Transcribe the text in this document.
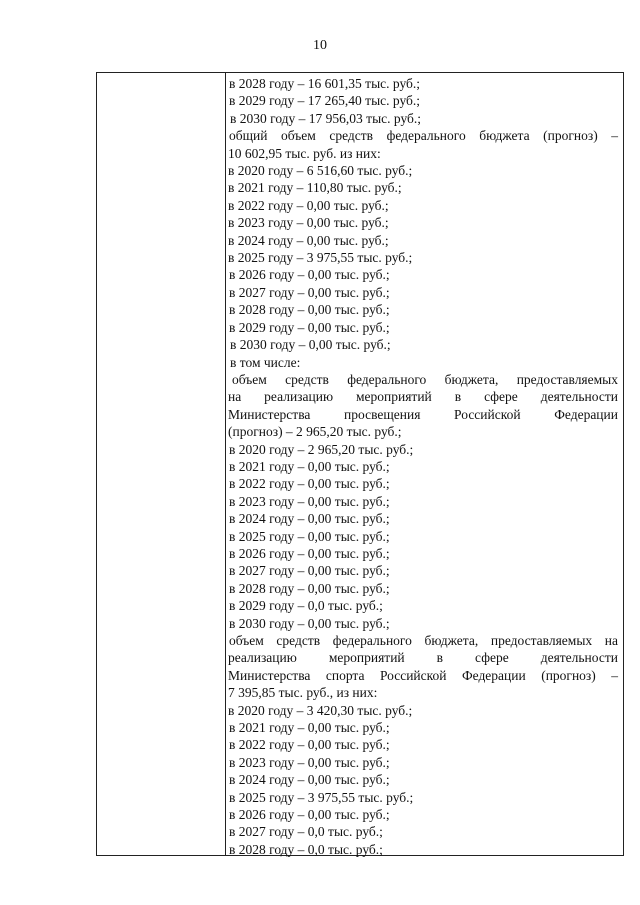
10
в 2028 году – 16 601,35 тыс. руб.;
в 2029 году – 17 265,40 тыс. руб.;
в 2030 году – 17 956,03 тыс. руб.;
общий объем средств федерального бюджета (прогноз) –
10 602,95 тыс. руб. из них:
в 2020 году – 6 516,60 тыс. руб.;
в 2021 году – 110,80 тыс. руб.;
в 2022 году – 0,00 тыс. руб.;
в 2023 году – 0,00 тыс. руб.;
в 2024 году – 0,00 тыс. руб.;
в 2025 году – 3 975,55 тыс. руб.;
в 2026 году – 0,00 тыс. руб.;
в 2027 году – 0,00 тыс. руб.;
в 2028 году – 0,00 тыс. руб.;
в 2029 году – 0,00 тыс. руб.;
в 2030 году – 0,00 тыс. руб.;
в том числе:
объем средств федерального бюджета, предоставляемых
на реализацию мероприятий в сфере деятельности
Министерства просвещения Российской Федерации
(прогноз) – 2 965,20 тыс. руб.;
в 2020 году – 2 965,20 тыс. руб.;
в 2021 году – 0,00 тыс. руб.;
в 2022 году – 0,00 тыс. руб.;
в 2023 году – 0,00 тыс. руб.;
в 2024 году – 0,00 тыс. руб.;
в 2025 году – 0,00 тыс. руб.;
в 2026 году – 0,00 тыс. руб.;
в 2027 году – 0,00 тыс. руб.;
в 2028 году – 0,00 тыс. руб.;
в 2029 году – 0,0 тыс. руб.;
в 2030 году – 0,00 тыс. руб.;
объем средств федерального бюджета, предоставляемых на
реализацию мероприятий в сфере деятельности
Министерства спорта Российской Федерации (прогноз) –
7 395,85 тыс. руб., из них:
в 2020 году – 3 420,30 тыс. руб.;
в 2021 году – 0,00 тыс. руб.;
в 2022 году – 0,00 тыс. руб.;
в 2023 году – 0,00 тыс. руб.;
в 2024 году – 0,00 тыс. руб.;
в 2025 году – 3 975,55 тыс. руб.;
в 2026 году – 0,00 тыс. руб.;
в 2027 году – 0,0 тыс. руб.;
в 2028 году – 0,0 тыс. руб.;
